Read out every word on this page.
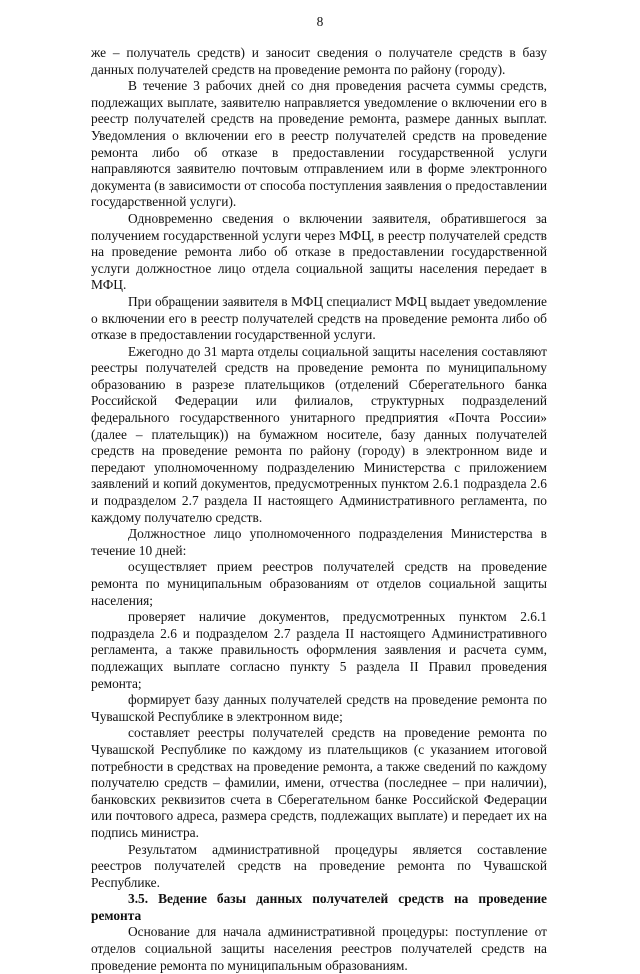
8

же – получатель средств) и заносит сведения о получателе средств в базу данных получателей средств на проведение ремонта по району (городу).

В течение 3 рабочих дней со дня проведения расчета суммы средств, подлежащих выплате, заявителю направляется уведомление о включении его в реестр получателей средств на проведение ремонта, размере данных выплат. Уведомления о включении его в реестр получателей средств на проведение ремонта либо об отказе в предоставлении государственной услуги направляются заявителю почтовым отправлением или в форме электронного документа (в зависимости от способа поступления заявления о предоставлении государственной услуги).

Одновременно сведения о включении заявителя, обратившегося за получением государственной услуги через МФЦ, в реестр получателей средств на проведение ремонта либо об отказе в предоставлении государственной услуги должностное лицо отдела социальной защиты населения передает в МФЦ.

При обращении заявителя в МФЦ специалист МФЦ выдает уведомление о включении его в реестр получателей средств на проведение ремонта либо об отказе в предоставлении государственной услуги.

Ежегодно до 31 марта отделы социальной защиты населения составляют реестры получателей средств на проведение ремонта по муниципальному образованию в разрезе плательщиков (отделений Сберегательного банка Российской Федерации или филиалов, структурных подразделений федерального государственного унитарного предприятия «Почта России» (далее – плательщик)) на бумажном носителе, базу данных получателей средств на проведение ремонта по району (городу) в электронном виде и передают уполномоченному подразделению Министерства с приложением заявлений и копий документов, предусмотренных пунктом 2.6.1 подраздела 2.6 и подразделом 2.7 раздела II настоящего Административного регламента, по каждому получателю средств.

Должностное лицо уполномоченного подразделения Министерства в течение 10 дней:

осуществляет прием реестров получателей средств на проведение ремонта по муниципальным образованиям от отделов социальной защиты населения;

проверяет наличие документов, предусмотренных пунктом 2.6.1 подраздела 2.6 и подразделом 2.7 раздела II настоящего Административного регламента, а также правильность оформления заявления и расчета сумм, подлежащих выплате согласно пункту 5 раздела II Правил проведения ремонта;

формирует базу данных получателей средств на проведение ремонта по Чувашской Республике в электронном виде;

составляет реестры получателей средств на проведение ремонта по Чувашской Республике по каждому из плательщиков (с указанием итоговой потребности в средствах на проведение ремонта, а также сведений по каждому получателю средств – фамилии, имени, отчества (последнее – при наличии), банковских реквизитов счета в Сберегательном банке Российской Федерации или почтового адреса, размера средств, подлежащих выплате) и передает их на подпись министра.

Результатом административной процедуры является составление реестров получателей средств на проведение ремонта по Чувашской Республике.

3.5. Ведение базы данных получателей средств на проведение ремонта

Основание для начала административной процедуры: поступление от отделов социальной защиты населения реестров получателей средств на проведение ремонта по муниципальным образованиям.
